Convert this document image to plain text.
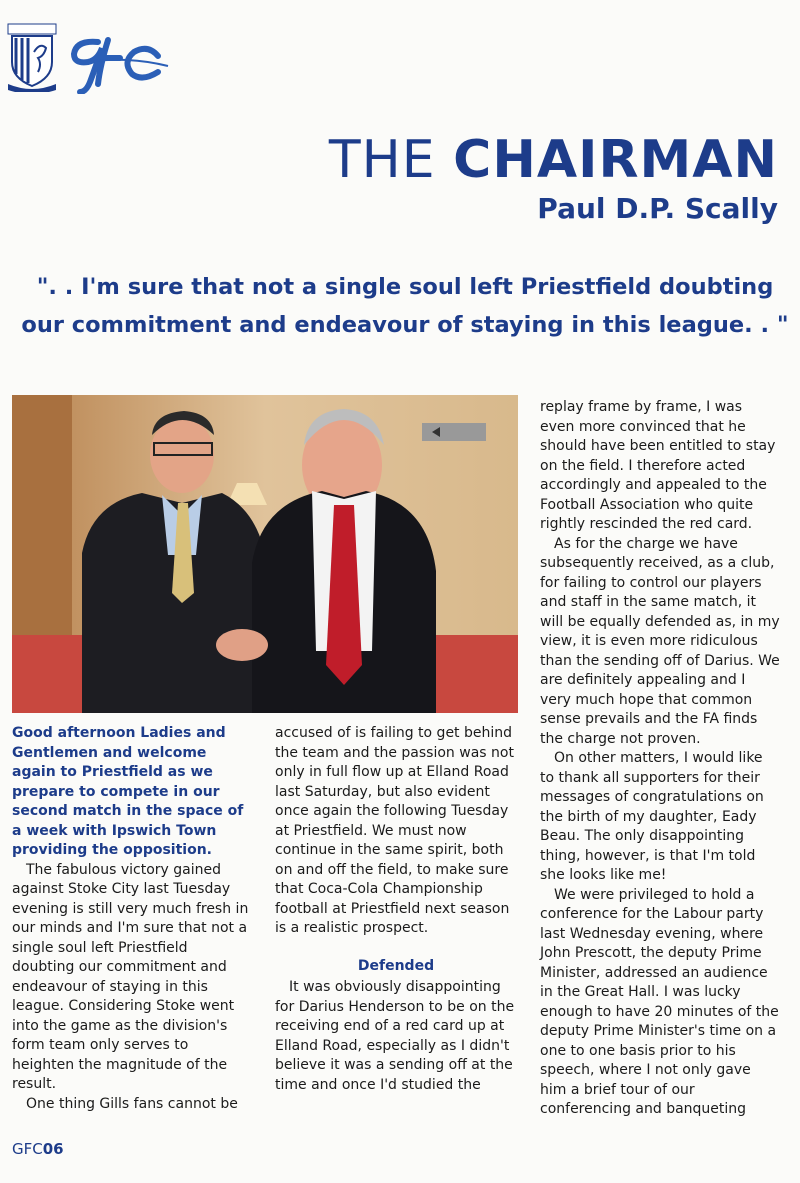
THE CHAIRMAN
Paul D.P. Scally
". . I'm sure that not a single soul left Priestfield doubting
our commitment and endeavour of staying in this league. . "

Good afternoon Ladies and Gentlemen and welcome again to Priestfield as we prepare to compete in our second match in the space of a week with Ipswich Town providing the opposition.

The fabulous victory gained against Stoke City last Tuesday evening is still very much fresh in our minds and I'm sure that not a single soul left Priestfield doubting our commitment and endeavour of staying in this league. Considering Stoke went into the game as the division's form team only serves to heighten the magnitude of the result.

One thing Gills fans cannot be

accused of is failing to get behind the team and the passion was not only in full flow up at Elland Road last Saturday, but also evident once again the following Tuesday at Priestfield. We must now continue in the same spirit, both on and off the field, to make sure that Coca-Cola Championship football at Priestfield next season is a realistic prospect.

Defended

It was obviously disappointing for Darius Henderson to be on the receiving end of a red card up at Elland Road, especially as I didn't believe it was a sending off at the time and once I'd studied the

replay frame by frame, I was even more convinced that he should have been entitled to stay on the field. I therefore acted accordingly and appealed to the Football Association who quite rightly rescinded the red card.

As for the charge we have subsequently received, as a club, for failing to control our players and staff in the same match, it will be equally defended as, in my view, it is even more ridiculous than the sending off of Darius. We are definitely appealing and I very much hope that common sense prevails and the FA finds the charge not proven.

On other matters, I would like to thank all supporters for their messages of congratulations on the birth of my daughter, Eady Beau. The only disappointing thing, however, is that I'm told she looks like me!

We were privileged to hold a conference for the Labour party last Wednesday evening, where John Prescott, the deputy Prime Minister, addressed an audience in the Great Hall. I was lucky enough to have 20 minutes of the deputy Prime Minister's time on a one to one basis prior to his speech, where I not only gave him a brief tour of our conferencing and banqueting

GFC06
